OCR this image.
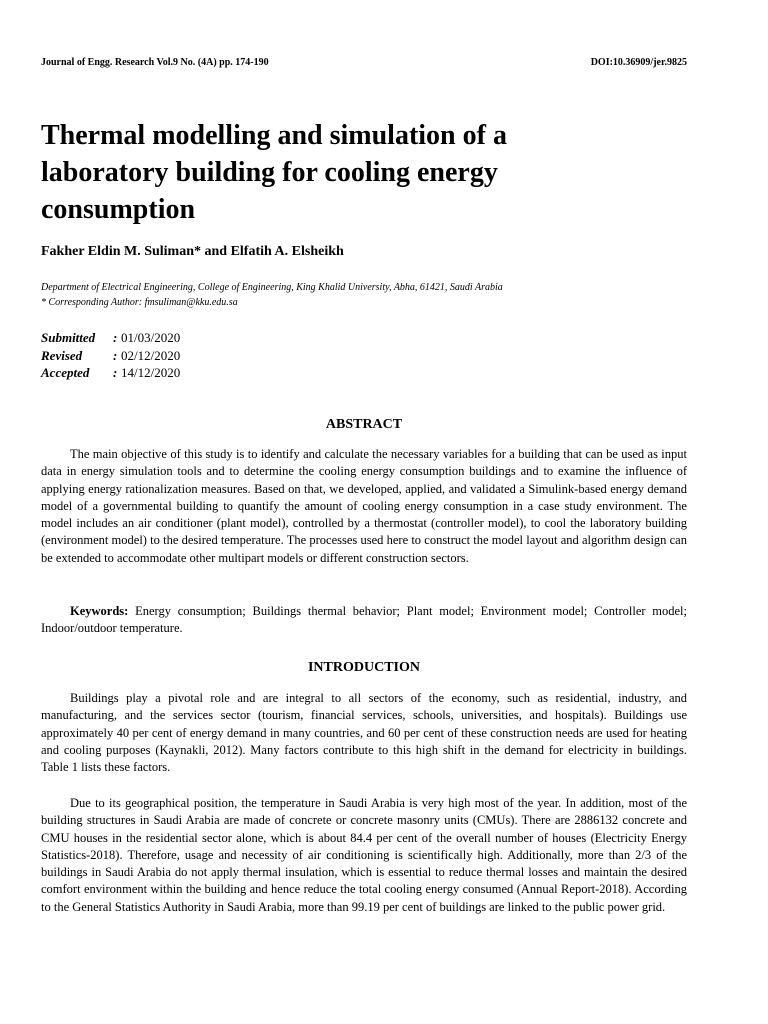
Journal of Engg. Research Vol.9 No. (4A) pp. 174-190	DOI:10.36909/jer.9825
Thermal modelling and simulation of a laboratory building for cooling energy consumption
Fakher Eldin M. Suliman* and Elfatih A. Elsheikh
Department of Electrical Engineering, College of Engineering, King Khalid University, Abha, 61421, Saudi Arabia
* Corresponding Author: fmsuliman@kku.edu.sa
Submitted	: 01/03/2020
Revised	: 02/12/2020
Accepted	: 14/12/2020
ABSTRACT

The main objective of this study is to identify and calculate the necessary variables for a building that can be used as input data in energy simulation tools and to determine the cooling energy consumption buildings and to examine the influence of applying energy rationalization measures. Based on that, we developed, applied, and validated a Simulink-based energy demand model of a governmental building to quantify the amount of cooling energy consumption in a case study environment. The model includes an air conditioner (plant model), controlled by a thermostat (controller model), to cool the laboratory building (environment model) to the desired temperature. The processes used here to construct the model layout and algorithm design can be extended to accommodate other multipart models or different construction sectors.

Keywords: Energy consumption; Buildings thermal behavior; Plant model; Environment model; Controller model; Indoor/outdoor temperature.

INTRODUCTION

Buildings play a pivotal role and are integral to all sectors of the economy, such as residential, industry, and manufacturing, and the services sector (tourism, financial services, schools, universities, and hospitals). Buildings use approximately 40 per cent of energy demand in many countries, and 60 per cent of these construction needs are used for heating and cooling purposes (Kaynakli, 2012). Many factors contribute to this high shift in the demand for electricity in buildings. Table 1 lists these factors.

Due to its geographical position, the temperature in Saudi Arabia is very high most of the year. In addition, most of the building structures in Saudi Arabia are made of concrete or concrete masonry units (CMUs). There are 2886132 concrete and CMU houses in the residential sector alone, which is about 84.4 per cent of the overall number of houses (Electricity Energy Statistics-2018). Therefore, usage and necessity of air conditioning is scientifically high. Additionally, more than 2/3 of the buildings in Saudi Arabia do not apply thermal insulation, which is essential to reduce thermal losses and maintain the desired comfort environment within the building and hence reduce the total cooling energy consumed (Annual Report-2018). According to the General Statistics Authority in Saudi Arabia, more than 99.19 per cent of buildings are linked to the public power grid.
